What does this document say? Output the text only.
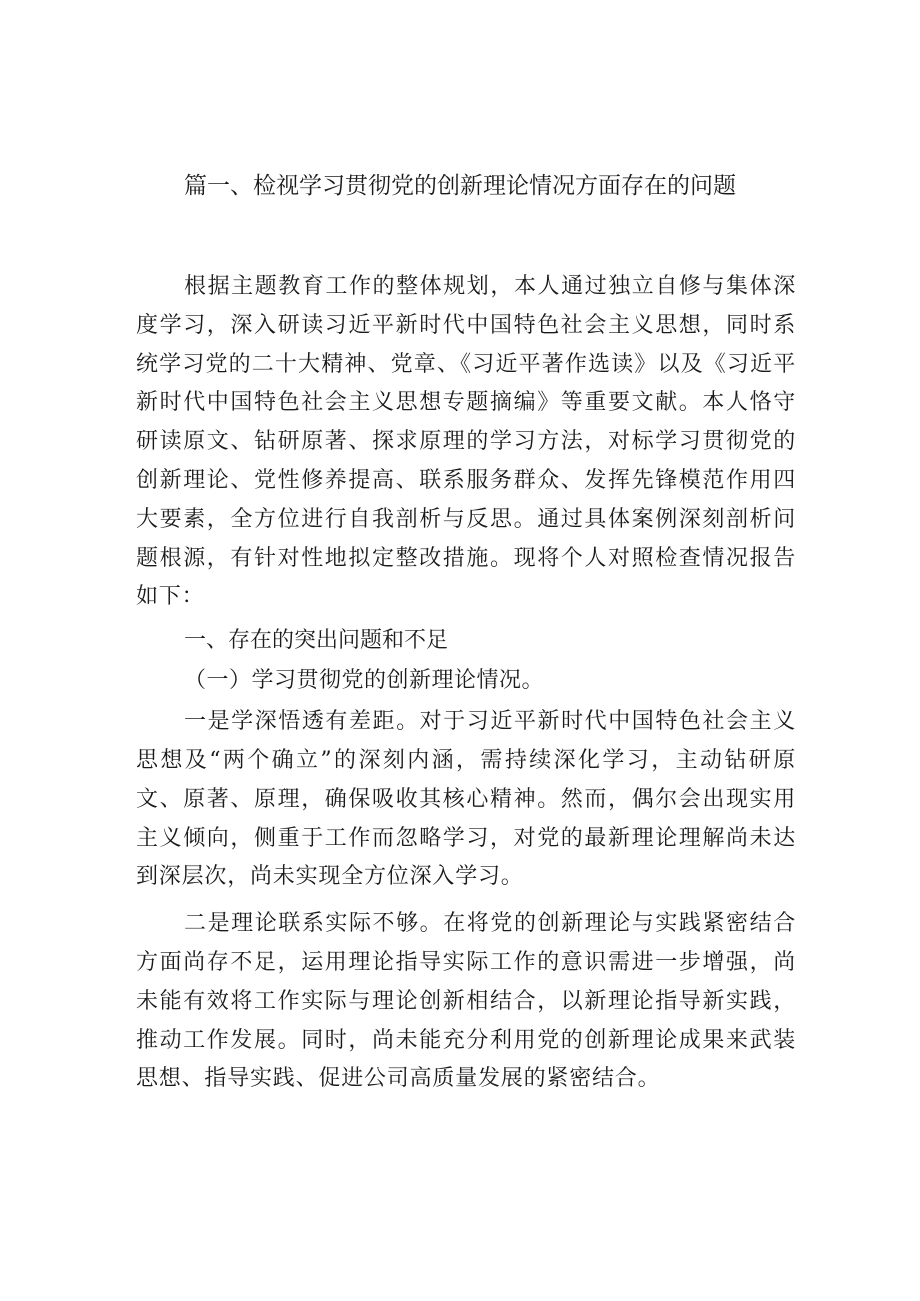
篇一、检视学习贯彻党的创新理论情况方面存在的问题

根据主题教育工作的整体规划，本人通过独立自修与集体深度学习，深入研读习近平新时代中国特色社会主义思想，同时系统学习党的二十大精神、党章、《习近平著作选读》以及《习近平新时代中国特色社会主义思想专题摘编》等重要文献。本人恪守研读原文、钻研原著、探求原理的学习方法，对标学习贯彻党的创新理论、党性修养提高、联系服务群众、发挥先锋模范作用四大要素，全方位进行自我剖析与反思。通过具体案例深刻剖析问题根源，有针对性地拟定整改措施。现将个人对照检查情况报告如下：

一、存在的突出问题和不足

（一）学习贯彻党的创新理论情况。

一是学深悟透有差距。对于习近平新时代中国特色社会主义思想及“两个确立”的深刻内涵，需持续深化学习，主动钻研原文、原著、原理，确保吸收其核心精神。然而，偶尔会出现实用主义倾向，侧重于工作而忽略学习，对党的最新理论理解尚未达到深层次，尚未实现全方位深入学习。

二是理论联系实际不够。在将党的创新理论与实践紧密结合方面尚存不足，运用理论指导实际工作的意识需进一步增强，尚未能有效将工作实际与理论创新相结合，以新理论指导新实践，推动工作发展。同时，尚未能充分利用党的创新理论成果来武装思想、指导实践、促进公司高质量发展的紧密结合。
